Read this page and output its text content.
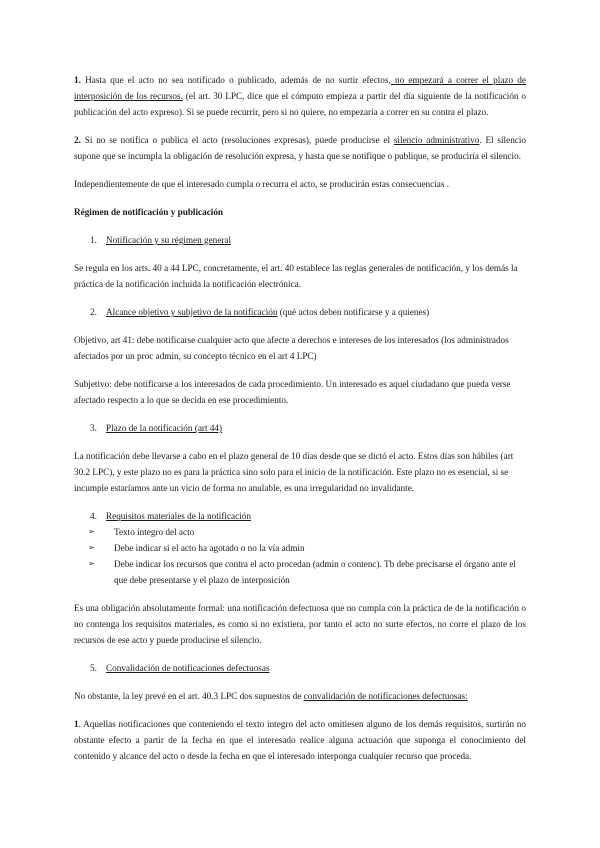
1. Hasta que el acto no sea notificado o publicado, además de no surtir efectos, no empezará a correr el plazo de interposición de los recursos. (el art. 30 LPC, dice que el cómputo empieza a partir del día siguiente de la notificación o publicación del acto expreso). Si se puede recurrir, pero si no quiere, no empezaría a correr en su contra el plazo.

2. Si no se notifica o publica el acto (resoluciones expresas), puede producirse el silencio administrativo. El silencio supone que se incumpla la obligación de resolución expresa, y hasta que se notifique o publique, se produciría el silencio.

Independientemente de que el interesado cumpla o recurra el acto, se producirán estas consecuencias .

Régimen de notificación y publicación
1. Notificación y su régimen general

Se regula en los arts. 40 a 44 LPC, concretamente, el art. 40 establece las reglas generales de notificación, y los demás la práctica de la notificación incluida la notificación electrónica.

2. Alcance objetivo y subjetivo de la notificación (qué actos deben notificarse y a quienes)

Objetivo, art 41: debe notificarse cualquier acto que afecte a derechos e intereses de los interesados (los administrados afectados por un proc admin, su concepto técnico en el art 4 LPC)

Subjetivo: debe notificarse a los interesados de cada procedimiento. Un interesado es aquel ciudadano que pueda verse afectado respecto a lo que se decida en ese procedimiento.

3. Plazo de la notificación (art 44)

La notificación debe llevarse a cabo en el plazo general de 10 días desde que se dictó el acto. Estos días son hábiles (art 30.2 LPC), y este plazo no es para la práctica sino solo para el inicio de la notificación. Este plazo no es esencial, si se incumple estaríamos ante un vicio de forma no anulable, es una irregularidad no invalidante.

4. Requisitos materiales de la notificación
➢ Texto íntegro del acto
➢ Debe indicar si el acto ha agotado o no la vía admin
➢ Debe indicar los recursos que contra el acto procedan (admin o contenc). Tb debe precisarse el órgano ante el que debe presentarse y el plazo de interposición

Es una obligación absolutamente formal: una notificación defectuosa que no cumpla con la práctica de de la notificación o no contenga los requisitos materiales, es como si no existiera, por tanto el acto no surte efectos, no corre el plazo de los recursos de ese acto y puede producirse el silencio.

5. Convalidación de notificaciones defectuosas

No obstante, la ley prevé en el art. 40.3 LPC dos supuestos de convalidación de notificaciones defectuosas:

1. Aquellas notificaciones que conteniendo el texto íntegro del acto omitiesen alguno de los demás requisitos, surtirán no obstante efecto a partir de la fecha en que el interesado realice alguna actuación que suponga el conocimiento del contenido y alcance del acto o desde la fecha en que el interesado interponga cualquier recurso que proceda.
